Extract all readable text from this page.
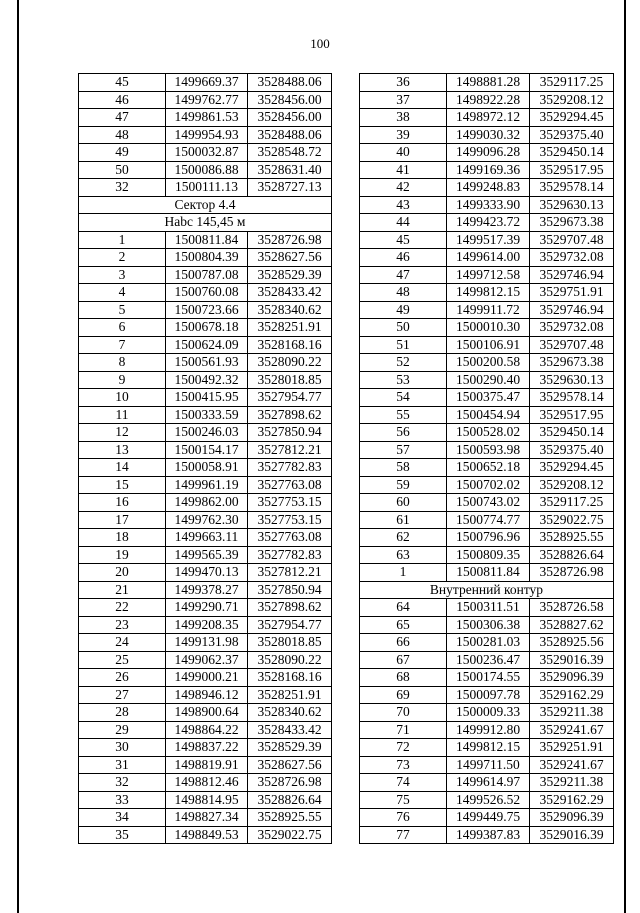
100
45	1499669.37	3528488.06
46	1499762.77	3528456.00
47	1499861.53	3528456.00
48	1499954.93	3528488.06
49	1500032.87	3528548.72
50	1500086.88	3528631.40
32	1500111.13	3528727.13
Сектор 4.4		
Нabc 145,45 м		
1	1500811.84	3528726.98
2	1500804.39	3528627.56
3	1500787.08	3528529.39
4	1500760.08	3528433.42
5	1500723.66	3528340.62
6	1500678.18	3528251.91
7	1500624.09	3528168.16
8	1500561.93	3528090.22
9	1500492.32	3528018.85
10	1500415.95	3527954.77
11	1500333.59	3527898.62
12	1500246.03	3527850.94
13	1500154.17	3527812.21
14	1500058.91	3527782.83
15	1499961.19	3527763.08
16	1499862.00	3527753.15
17	1499762.30	3527753.15
18	1499663.11	3527763.08
19	1499565.39	3527782.83
20	1499470.13	3527812.21
21	1499378.27	3527850.94
22	1499290.71	3527898.62
23	1499208.35	3527954.77
24	1499131.98	3528018.85
25	1499062.37	3528090.22
26	1499000.21	3528168.16
27	1498946.12	3528251.91
28	1498900.64	3528340.62
29	1498864.22	3528433.42
30	1498837.22	3528529.39
31	1498819.91	3528627.56
32	1498812.46	3528726.98
33	1498814.95	3528826.64
34	1498827.34	3528925.55
35	1498849.53	3529022.75
36	1498881.28	3529117.25
37	1498922.28	3529208.12
38	1498972.12	3529294.45
39	1499030.32	3529375.40
40	1499096.28	3529450.14
41	1499169.36	3529517.95
42	1499248.83	3529578.14
43	1499333.90	3529630.13
44	1499423.72	3529673.38
45	1499517.39	3529707.48
46	1499614.00	3529732.08
47	1499712.58	3529746.94
48	1499812.15	3529751.91
49	1499911.72	3529746.94
50	1500010.30	3529732.08
51	1500106.91	3529707.48
52	1500200.58	3529673.38
53	1500290.40	3529630.13
54	1500375.47	3529578.14
55	1500454.94	3529517.95
56	1500528.02	3529450.14
57	1500593.98	3529375.40
58	1500652.18	3529294.45
59	1500702.02	3529208.12
60	1500743.02	3529117.25
61	1500774.77	3529022.75
62	1500796.96	3528925.55
63	1500809.35	3528826.64
1	1500811.84	3528726.98
Внутренний контур		
64	1500311.51	3528726.58
65	1500306.38	3528827.62
66	1500281.03	3528925.56
67	1500236.47	3529016.39
68	1500174.55	3529096.39
69	1500097.78	3529162.29
70	1500009.33	3529211.38
71	1499912.80	3529241.67
72	1499812.15	3529251.91
73	1499711.50	3529241.67
74	1499614.97	3529211.38
75	1499526.52	3529162.29
76	1499449.75	3529096.39
77	1499387.83	3529016.39
